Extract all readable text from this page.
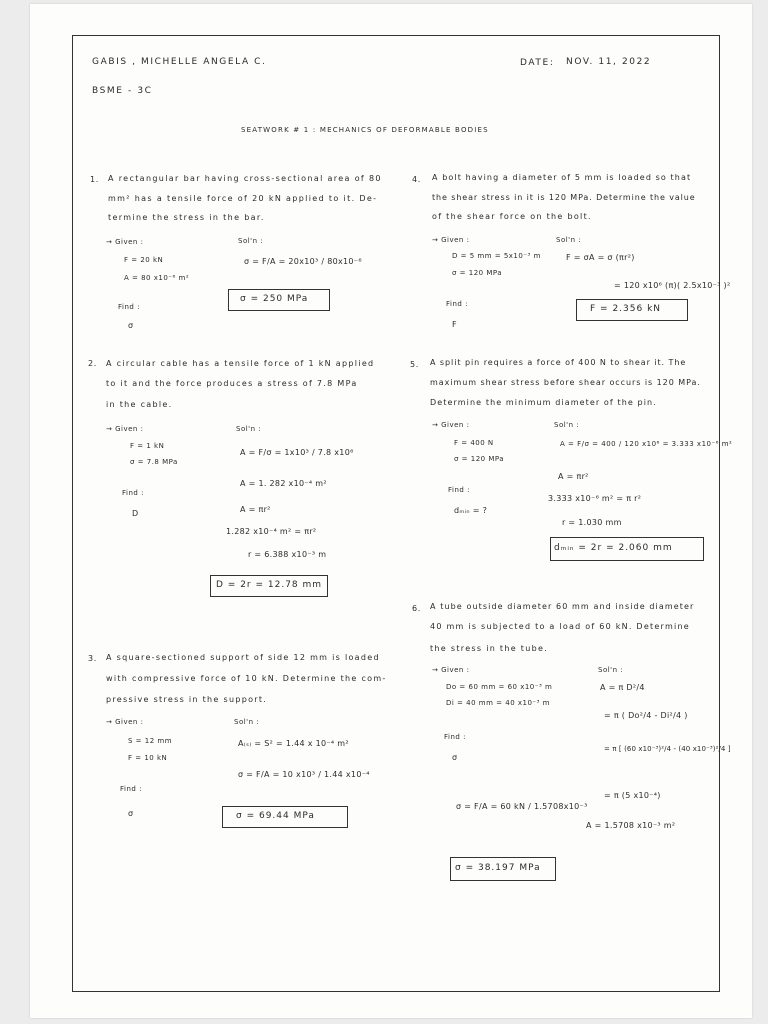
GABIS , MICHELLE ANGELA C.	DATE: NOV. 11, 2022
BSME - 3C
SEATWORK # 1 : MECHANICS OF DEFORMABLE BODIES
1. A rectangular bar having cross-sectional area of 80
mm² has a tensile force of 20 kN applied to it. De-
termine the stress in the bar.
→ Given :
F = 20 kN
A = 80 x10⁻⁶ m²
Find :
σ
Sol'n :
σ = F/A = 20x10³ / 80x10⁻⁶
σ = 250 MPa
2. A circular cable has a tensile force of 1 kN applied
to it and the force produces a stress of 7.8 MPa
in the cable.
→ Given :
F = 1 kN
σ = 7.8 MPa
Find :
D
Sol'n :
A = F/σ = 1x10³ / 7.8 x10⁶
A = 1. 282 x10⁻⁴ m²
A = πr²
1.282 x10⁻⁴ m² = πr²
r = 6.388 x10⁻³ m
D = 2r = 12.78 mm
3. A square-sectioned support of side 12 mm is loaded
with compressive force of 10 kN. Determine the com-
pressive stress in the support.
→ Given :
S = 12 mm
F = 10 kN
Find :
σ
Sol'n :
A₍ₛ₎ = S² = 1.44 x 10⁻⁴ m²
σ = F/A = 10 x10³ / 1.44 x10⁻⁴
σ = 69.44 MPa
4. A bolt having a diameter of 5 mm is loaded so that
the shear stress in it is 120 MPa. Determine the value
of the shear force on the bolt.
→ Given :
D = 5 mm = 5x10⁻³ m
σ = 120 MPa
Find :
F
Sol'n :
F = σA = σ (πr²)
= 120 x10⁶ (π)( 2.5x10⁻³ )²
F = 2.356 kN
5. A split pin requires a force of 400 N to shear it. The
maximum shear stress before shear occurs is 120 MPa.
Determine the minimum diameter of the pin.
→ Given :
F = 400 N
σ = 120 MPa
Find :
dₘᵢₙ = ?
Sol'n :
A = F/σ = 400 / 120 x10⁶ = 3.333 x10⁻⁶ m²
A = πr²
3.333 x10⁻⁶ m² = π r²
r = 1.030 mm
dₘᵢₙ = 2r = 2.060 mm
6. A tube outside diameter 60 mm and inside diameter
40 mm is subjected to a load of 60 kN. Determine
the stress in the tube.
→ Given :
Do = 60 mm = 60 x10⁻³ m
Di = 40 mm = 40 x10⁻³ m
Find :
σ
Sol'n :
A = π D²/4
= π ( Do²/4 - Di²/4 )
= π [ (60 x10⁻³)²/4 - (40 x10⁻³)²/4 ]
= π (5 x10⁻⁴)
A = 1.5708 x10⁻³ m²
σ = F/A = 60 kN / 1.5708x10⁻³
σ = 38.197 MPa
